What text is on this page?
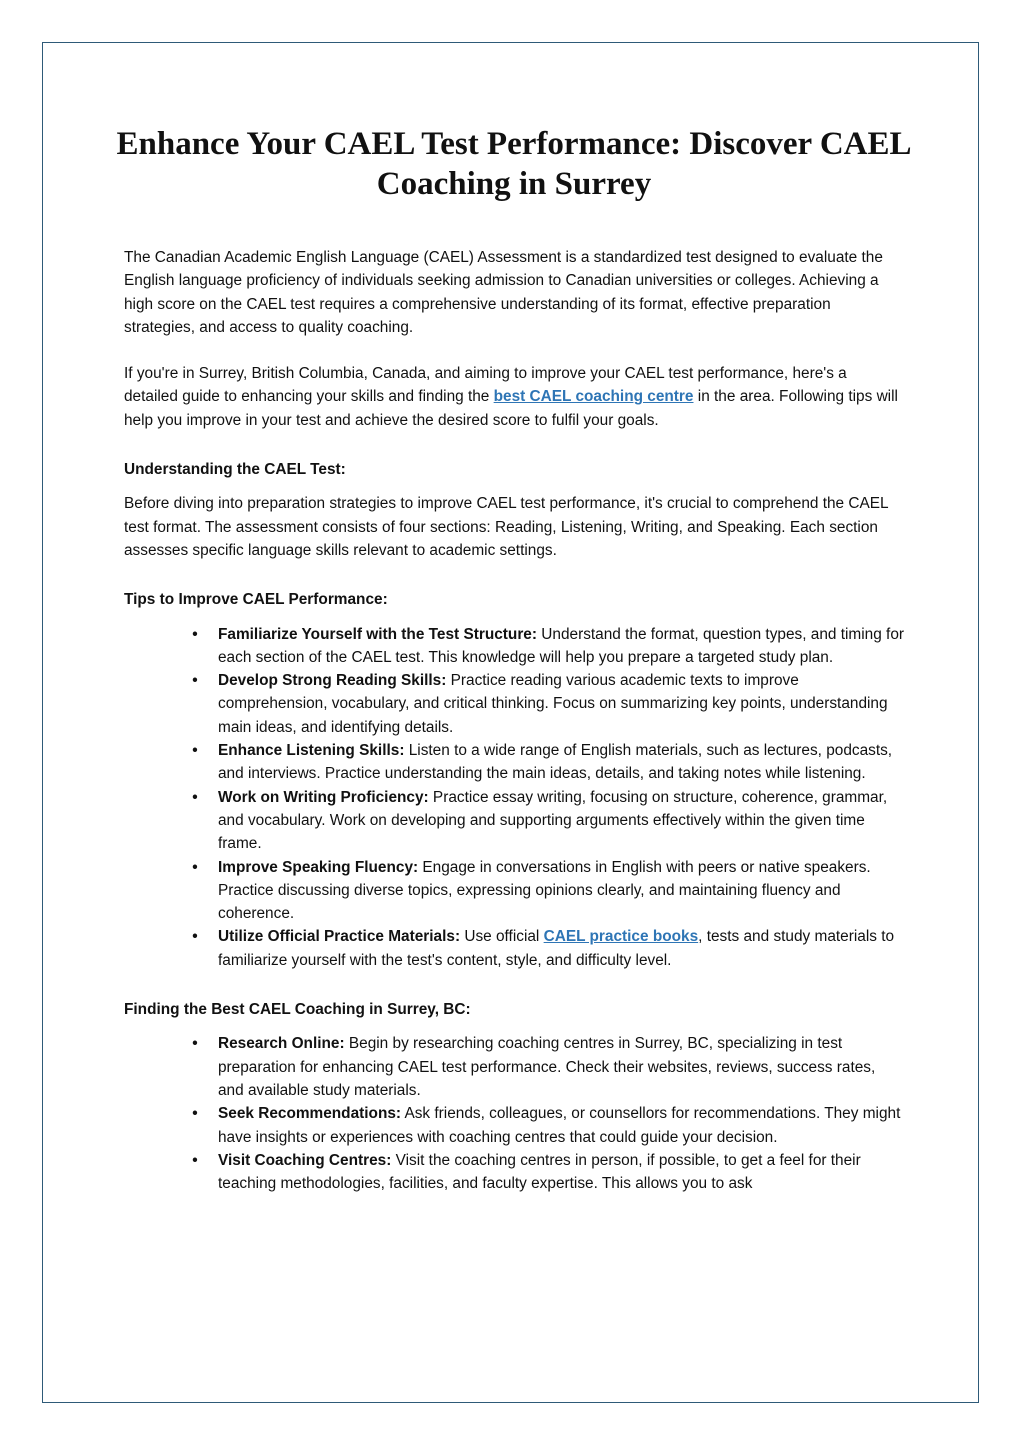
Enhance Your CAEL Test Performance: Discover CAEL Coaching in Surrey

The Canadian Academic English Language (CAEL) Assessment is a standardized test designed to evaluate the English language proficiency of individuals seeking admission to Canadian universities or colleges. Achieving a high score on the CAEL test requires a comprehensive understanding of its format, effective preparation strategies, and access to quality coaching.

If you're in Surrey, British Columbia, Canada, and aiming to improve your CAEL test performance, here's a detailed guide to enhancing your skills and finding the best CAEL coaching centre in the area. Following tips will help you improve in your test and achieve the desired score to fulfil your goals.

Understanding the CAEL Test:

Before diving into preparation strategies to improve CAEL test performance, it's crucial to comprehend the CAEL test format. The assessment consists of four sections: Reading, Listening, Writing, and Speaking. Each section assesses specific language skills relevant to academic settings.

Tips to Improve CAEL Performance:
• Familiarize Yourself with the Test Structure: Understand the format, question types, and timing for each section of the CAEL test. This knowledge will help you prepare a targeted study plan.
• Develop Strong Reading Skills: Practice reading various academic texts to improve comprehension, vocabulary, and critical thinking. Focus on summarizing key points, understanding main ideas, and identifying details.
• Enhance Listening Skills: Listen to a wide range of English materials, such as lectures, podcasts, and interviews. Practice understanding the main ideas, details, and taking notes while listening.
• Work on Writing Proficiency: Practice essay writing, focusing on structure, coherence, grammar, and vocabulary. Work on developing and supporting arguments effectively within the given time frame.
• Improve Speaking Fluency: Engage in conversations in English with peers or native speakers. Practice discussing diverse topics, expressing opinions clearly, and maintaining fluency and coherence.
• Utilize Official Practice Materials: Use official CAEL practice books, tests and study materials to familiarize yourself with the test's content, style, and difficulty level.
Finding the Best CAEL Coaching in Surrey, BC:
• Research Online: Begin by researching coaching centres in Surrey, BC, specializing in test preparation for enhancing CAEL test performance. Check their websites, reviews, success rates, and available study materials.
• Seek Recommendations: Ask friends, colleagues, or counsellors for recommendations. They might have insights or experiences with coaching centres that could guide your decision.
• Visit Coaching Centres: Visit the coaching centres in person, if possible, to get a feel for their teaching methodologies, facilities, and faculty expertise. This allows you to ask
